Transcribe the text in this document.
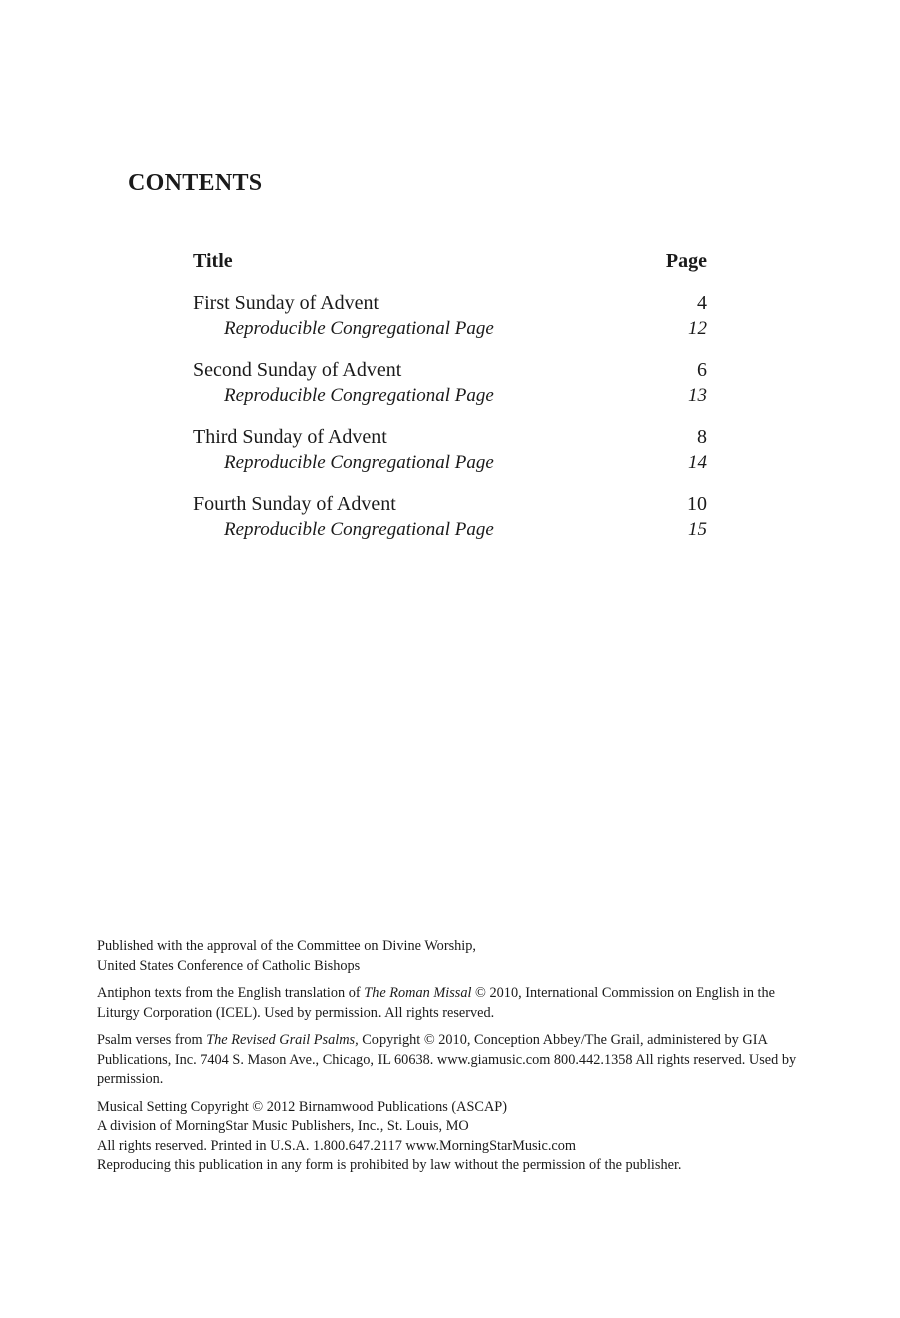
CONTENTS
Title	Page
First Sunday of Advent	4
Reproducible Congregational Page	12
Second Sunday of Advent	6
Reproducible Congregational Page	13
Third Sunday of Advent	8
Reproducible Congregational Page	14
Fourth Sunday of Advent	10
Reproducible Congregational Page	15

Published with the approval of the Committee on Divine Worship,
United States Conference of Catholic Bishops

Antiphon texts from the English translation of The Roman Missal © 2010, International Commission on English in the Liturgy Corporation (ICEL). Used by permission. All rights reserved.

Psalm verses from The Revised Grail Psalms, Copyright © 2010, Conception Abbey/The Grail, administered by GIA Publications, Inc. 7404 S. Mason Ave., Chicago, IL 60638. www.giamusic.com 800.442.1358 All rights reserved. Used by permission.

Musical Setting Copyright © 2012 Birnamwood Publications (ASCAP)
A division of MorningStar Music Publishers, Inc., St. Louis, MO
All rights reserved. Printed in U.S.A. 1.800.647.2117 www.MorningStarMusic.com
Reproducing this publication in any form is prohibited by law without the permission of the publisher.
